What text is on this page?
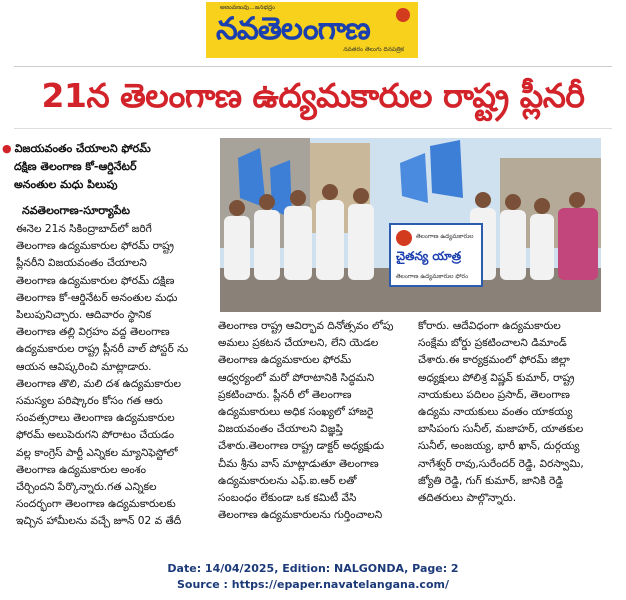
అణువణువు...జనభద్రం
నవతెలంగాణ
నవతరం తెలుగు దినపత్రిక
21న తెలంగాణ ఉద్యమకారుల రాష్ట్ర ప్లీనరీ
● విజయవంతం చేయాలని ఫోరమ్
దక్షిణ తెలంగాణ కో-ఆర్డినేటర్
అనంతుల మధు పిలుపు
నవతెలంగాణ-సూర్యాపేట

ఈనెల 21న సికింద్రాబాద్‌లో జరిగే

తెలంగాణ ఉద్యమకారుల ఫోరమ్ రాష్ట్ర

ప్లీనరీని విజయవంతం చేయాలని

తెలంగాణ ఉద్యమకారుల ఫోరమ్ దక్షిణ

తెలంగాణ కో-ఆర్డినేటర్ అనంతుల మధు

పిలుపునిచ్చారు. ఆదివారం స్థానిక

తెలంగాణ తల్లి విగ్రహం వద్ద తెలంగాణ

ఉద్యమకారుల రాష్ట్ర ప్లీనరీ వాల్ పోస్టర్ ను

ఆయన ఆవిష్కరించి మాట్లాడారు.

తెలంగాణ తొలి, మలి దశ ఉద్యమకారుల

సమస్యల పరిష్కారం కోసం గత ఆరు

సంవత్సరాలు తెలంగాణ ఉద్యమకారుల

ఫోరమ్ అలుపెరుగని పోరాటం చేయడం

వల్ల కాంగ్రెస్ పార్టీ ఎన్నికల మ్యానిఫెస్టోలో

తెలంగాణ ఉద్యమకారుల అంశం

చేర్చిందని పేర్కొన్నారు.గత ఎన్నికల

సందర్భంగా తెలంగాణ ఉద్యమకారులకు

ఇచ్చిన హామీలను వచ్చే జూన్ 02 వ తేదీ

తెలంగాణ ఉద్యమకారుల
చైతన్య యాత్ర
తెలంగాణ ఉద్యమకారుల ఫోరం

తెలంగాణ రాష్ట్ర ఆవిర్భావ దినోత్సవం లోపు

అమలు ప్రకటన చేయాలని, లేని యెడల

తెలంగాణ ఉద్యమకారుల ఫోరమ్

ఆధ్వర్యంలో మరో పోరాటానికి సిద్ధమని

ప్రకటించారు. ప్లీనరీ లో తెలంగాణ

ఉద్యమకారులు అధిక సంఖ్యలో హాజరై

విజయవంతం చేయాలని విజ్ఞప్తి

చేశారు.తెలంగాణ రాష్ట్ర డాక్టర్ అధ్యక్షుడు

చీమ శ్రీను వాస్ మాట్లాడుతూ తెలంగాణ

ఉద్యమకారులను ఎఫ్.ఐ.ఆర్ లతో

సంబంధం లేకుండా ఒక కమిటీ వేసి

తెలంగాణ ఉద్యమకారులను గుర్తించాలని

కోరారు. ఆదేవిధంగా ఉద్యమకారుల

సంక్షేమ బోర్డు ప్రకటించాలని డిమాండ్

చేశారు.ఈ కార్యక్రమంలో ఫోరమ్ జిల్లా

అధ్యక్షులు పోలిశ్ర విష్ణవ్ కుమార్, రాష్ట్ర

నాయకులు పదిలం ప్రసాద్, తెలంగాణ

ఉద్యమ నాయకులు వంతం యాకయ్య

బాసిపంగు సునీల్, మజాహర్, యాతకుల

సునీల్, అంజయ్య, భారీ ఖాన్, దుర్గయ్య

నాగేశ్వర్ రావు,సురేందర్ రెడ్డి, విరస్వామి,

జ్యోతి రెడ్డి, గుగ్ కుమార్, జానికి రెడ్డి

తదితరులు పాల్గొన్నారు.

Date: 14/04/2025, Edition: NALGONDA, Page: 2
Source : https://epaper.navatelangana.com/
